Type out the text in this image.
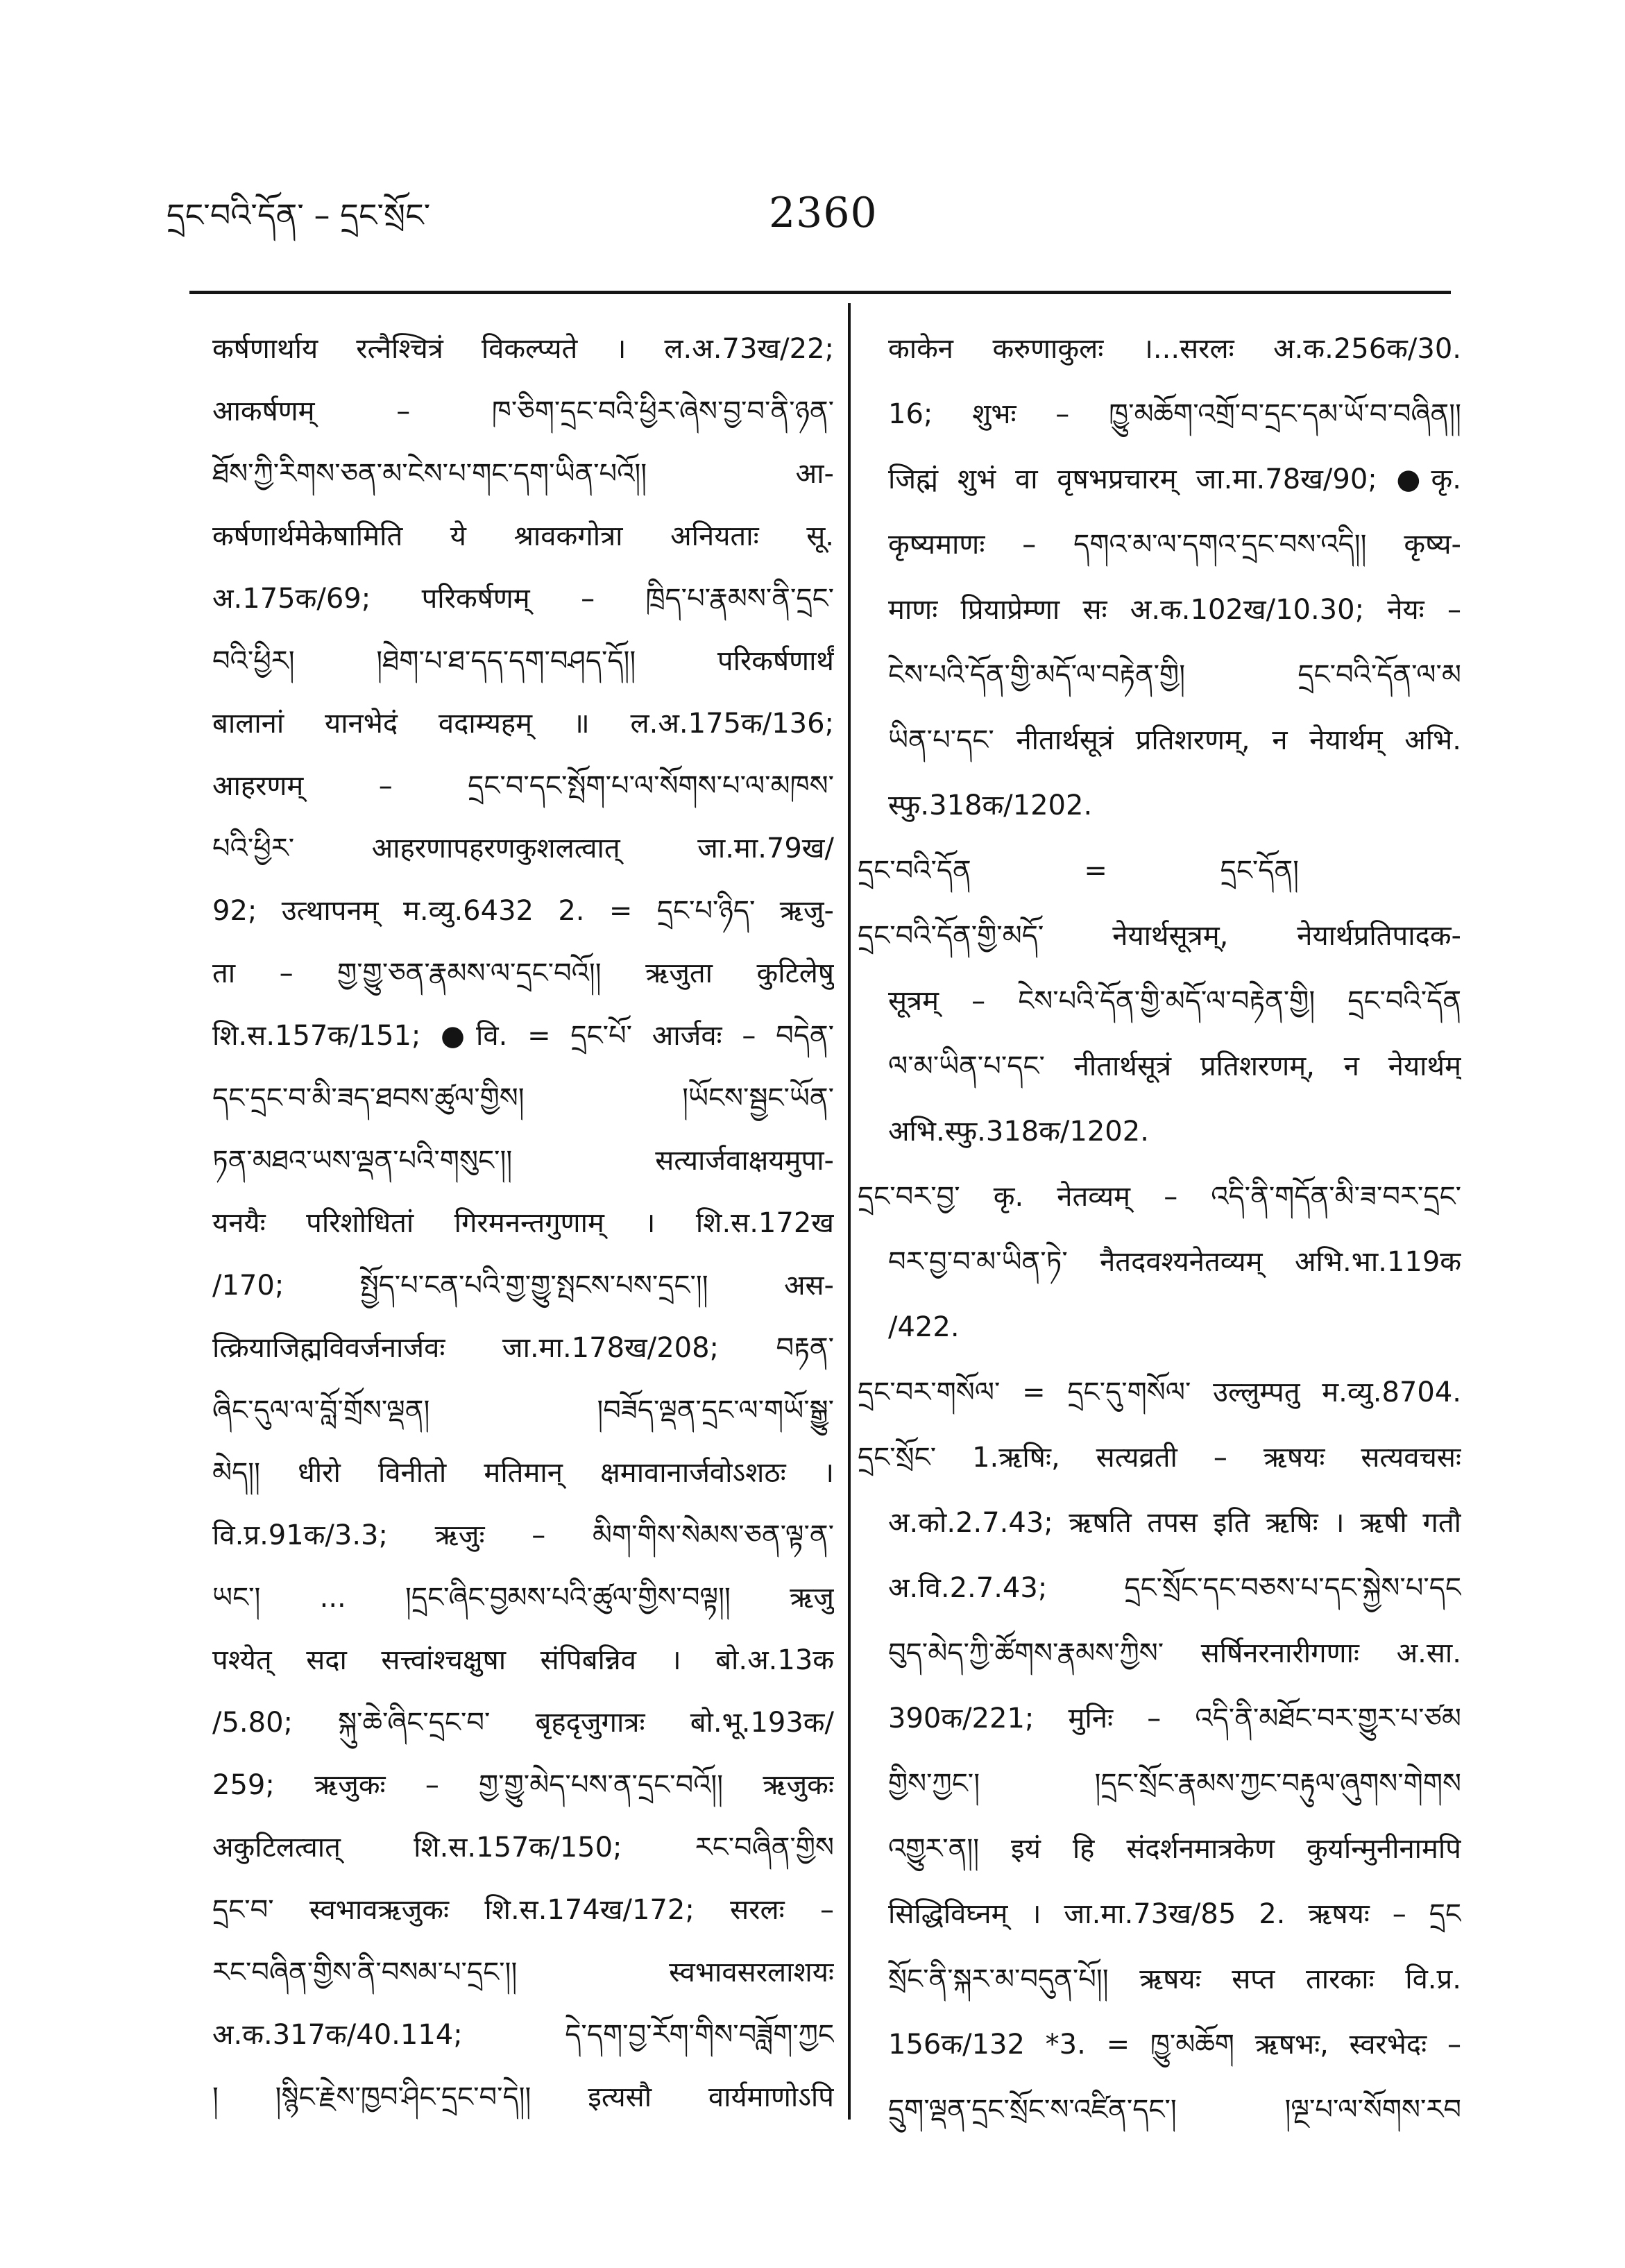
དྲང་བའི་དོན་ – དྲང་སྲོང་	2360
कर्षणार्थाय रत्नैश्चित्रं विकल्प्यते । ल.अ.73ख/22;
आकर्षणम् – ཁ་ཅིག་དྲང་བའི་ཕྱིར་ཞེས་བྱ་བ་ནི་ཉན་
ཐོས་ཀྱི་རིགས་ཅན་མ་ངེས་པ་གང་དག་ཡིན་པའོ།། आ-
कर्षणार्थमेकेषामिति ये श्रावकगोत्रा अनियताः सू.
अ.175क/69; परिकर्षणम् – ཁྲིད་པ་རྣམས་ནི་དྲང་
བའི་ཕྱིར། །ཐེག་པ་ཐ་དད་དག་བཤད་དོ།། परिकर्षणार्थं
बालानां यानभेदं वदाम्यहम् ॥ ल.अ.175क/136;
आहरणम् – དྲང་བ་དང་སྤོག་པ་ལ་སོགས་པ་ལ་མཁས་
པའི་ཕྱིར་ आहरणापहरणकुशलत्वात् जा.मा.79ख/
92; उत्थापनम् म.व्यु.6432 2. = དྲང་པ་ཉིད་ ऋजु-
ता – གྱ་གྱུ་ཅན་རྣམས་ལ་དྲང་བའོ།། ऋजुता कुटिलेषु
शि.स.157क/151; ●वि. = དྲང་པོ་ आर्जवः – བདེན་
དང་དྲང་བ་མི་ཟད་ཐབས་ཚུལ་གྱིས། །ཡོངས་སྦྱང་ཡོན་
ཏན་མཐའ་ཡས་ལྡན་པའི་གསུང་།། सत्यार्जवाक्षयमुपा-
यनयैः परिशोधितां गिरमनन्तगुणाम् । शि.स.172ख
/170; སྤྱོད་པ་ངན་པའི་གྱ་གྱུ་སྤངས་པས་དྲང་།། अस-
त्क्रियाजिह्मविवर्जनार्जवः जा.मा.178ख/208; བརྟན་
ཞིང་དུལ་ལ་བློ་གྲོས་ལྡན། །བཟོད་ལྡན་དྲང་ལ་གཡོ་སྒྱུ་
མེད།། धीरो विनीतो मतिमान् क्षमावानार्जवोऽशठः ।
वि.प्र.91क/3.3; ऋजुः – མིག་གིས་སེམས་ཅན་ལྟ་ན་
ཡང་། ... །དྲང་ཞིང་བྱམས་པའི་ཚུལ་གྱིས་བལྟ།། ऋजु
पश्येत् सदा सत्त्वांश्चक्षुषा संपिबन्निव । बो.अ.13क
/5.80; སྐུ་ཆེ་ཞིང་དྲང་བ་ बृहदृजुगात्रः बो.भू.193क/
259; ऋजुकः – གྱ་གྱུ་མེད་པས་ན་དྲང་བའོ།། ऋजुकः
अकुटिलत्वात् शि.स.157क/150; རང་བཞིན་གྱིས
དྲང་བ་ स्वभावऋजुकः शि.स.174ख/172; सरलः –
རང་བཞིན་གྱིས་ནི་བསམ་པ་དྲང་།། स्वभावसरलाशयः
अ.क.317क/40.114; དེ་དག་བྱ་རོག་གིས་བཟློག་ཀྱང
། །སྙིང་རྗེས་ཁྱབ་ཤིང་དྲང་བ་དེ།། इत्यसौ वार्यमाणोऽपि
काकेन करुणाकुलः ।...सरलः अ.क.256क/30.
16; शुभः – ཁྱུ་མཆོག་འགྲོ་བ་དྲང་དམ་ཡོ་བ་བཞིན།།
जिह्मं शुभं वा वृषभप्रचारम् जा.मा.78ख/90; ●कृ.
कृष्यमाणः – དགའ་མ་ལ་དགའ་དྲང་བས་འདི།། कृष्य-
माणः प्रियाप्रेम्णा सः अ.क.102ख/10.30; नेयः –
ངེས་པའི་དོན་གྱི་མདོ་ལ་བརྟེན་གྱི། དྲང་བའི་དོན་ལ་མ
ཡིན་པ་དང་ नीतार्थसूत्रं प्रतिशरणम्, न नेयार्थम् अभि.
स्फु.318क/1202.
དྲང་བའི་དོན = དྲང་དོན།
དྲང་བའི་དོན་གྱི་མདོ་ नेयार्थसूत्रम्, नेयार्थप्रतिपादक-
सूत्रम् – ངེས་པའི་དོན་གྱི་མདོ་ལ་བརྟེན་གྱི། དྲང་བའི་དོན
ལ་མ་ཡིན་པ་དང་ नीतार्थसूत्रं प्रतिशरणम्, न नेयार्थम्
अभि.स्फु.318क/1202.
དྲང་བར་བྱ་ कृ. नेतव्यम् – འདི་ནི་གདོན་མི་ཟ་བར་དྲང་
བར་བྱ་བ་མ་ཡིན་ཏེ་ नैतदवश्यनेतव्यम् अभि.भा.119क
/422.
དྲང་བར་གསོལ་ = དྲང་དུ་གསོལ་ उल्लुम्पतु म.व्यु.8704.
དྲང་སྲོང་ 1.ऋषिः, सत्यव्रती – ऋषयः सत्यवचसः
अ.को.2.7.43; ऋषति तपस इति ऋषिः । ऋषी गतौ
अ.वि.2.7.43; དྲང་སྲོང་དང་བཅས་པ་དང་སྐྱེས་པ་དང
བུད་མེད་ཀྱི་ཚོགས་རྣམས་ཀྱིས་ सर्षिनरनारीगणाः अ.सा.
390क/221; मुनिः – འདི་ནི་མཐོང་བར་གྱུར་པ་ཙམ
གྱིས་ཀྱང་། །དྲང་སྲོང་རྣམས་ཀྱང་བརྟུལ་ཞུགས་གེགས
འགྱུར་ན།། इयं हि संदर्शनमात्रकेण कुर्यान्मुनीनामपि
सिद्धिविघ्नम् । जा.मा.73ख/85 2. ऋषयः – དྲང
སྲོང་ནི་སྐར་མ་བདུན་པོ།། ऋषयः सप्त तारकाः वि.प्र.
156क/132 *3. = ཁྱུ་མཆོག ऋषभः, स्वरभेदः –
དྲུག་ལྡན་དྲང་སྲོང་ས་འཛིན་དང་། །ལྔ་པ་ལ་སོགས་རབ
